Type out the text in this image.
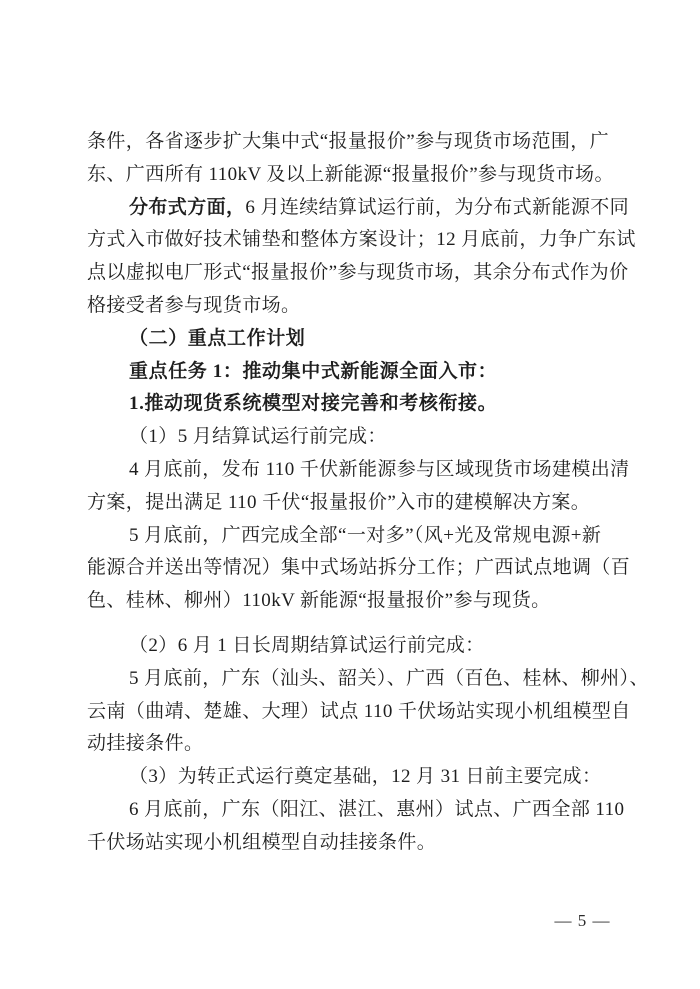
条件，各省逐步扩大集中式“报量报价”参与现货市场范围，广
东、广西所有 110kV 及以上新能源“报量报价”参与现货市场。
分布式方面，6 月连续结算试运行前，为分布式新能源不同
方式入市做好技术铺垫和整体方案设计；12 月底前，力争广东试
点以虚拟电厂形式“报量报价”参与现货市场，其余分布式作为价
格接受者参与现货市场。
（二）重点工作计划
重点任务 1：推动集中式新能源全面入市：
1.推动现货系统模型对接完善和考核衔接。
（1）5 月结算试运行前完成：
4 月底前，发布 110 千伏新能源参与区域现货市场建模出清
方案，提出满足 110 千伏“报量报价”入市的建模解决方案。
5 月底前，广西完成全部“一对多”（风+光及常规电源+新
能源合并送出等情况）集中式场站拆分工作；广西试点地调（百
色、桂林、柳州）110kV 新能源“报量报价”参与现货。
（2）6 月 1 日长周期结算试运行前完成：
5 月底前，广东（汕头、韶关）、广西（百色、桂林、柳州）、
云南（曲靖、楚雄、大理）试点 110 千伏场站实现小机组模型自
动挂接条件。
（3）为转正式运行奠定基础，12 月 31 日前主要完成：
6 月底前，广东（阳江、湛江、惠州）试点、广西全部 110
千伏场站实现小机组模型自动挂接条件。
— 5 —
